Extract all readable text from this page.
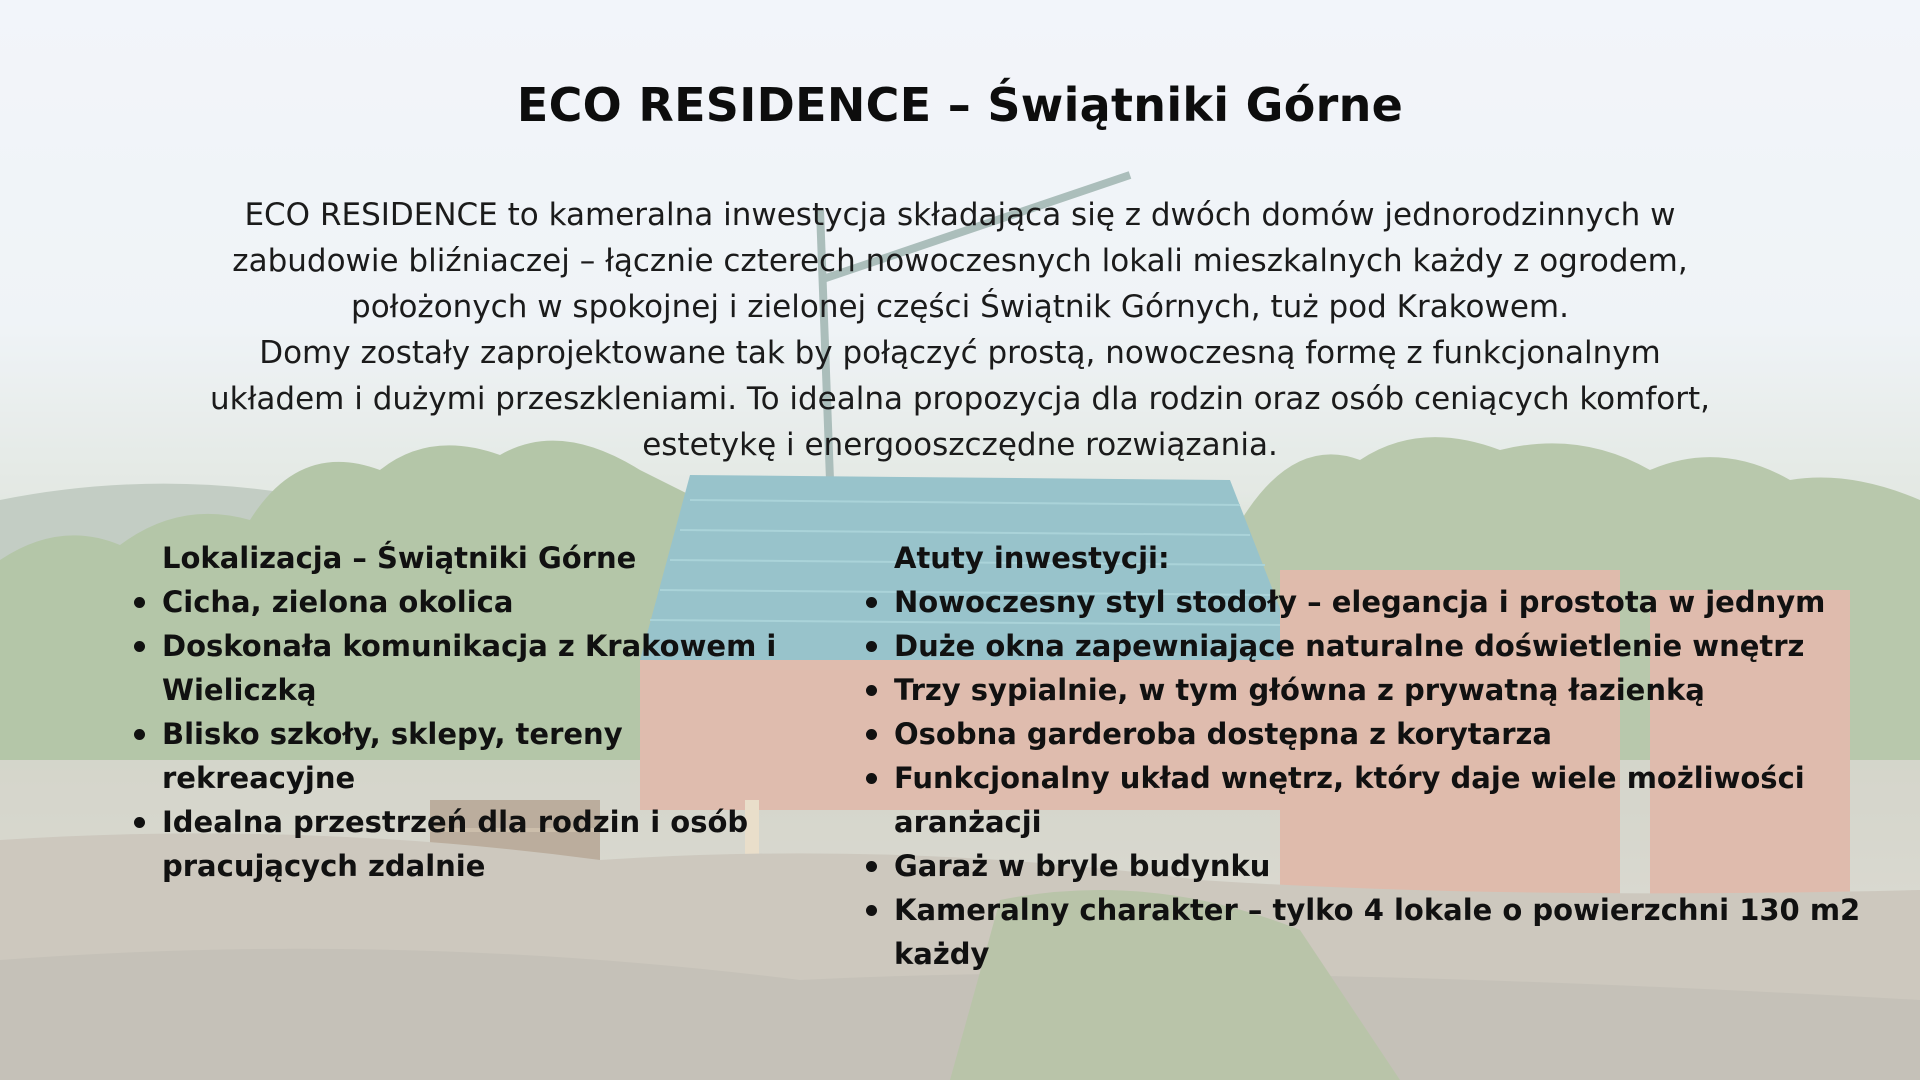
ECO RESIDENCE – Świątniki Górne

ECO RESIDENCE to kameralna inwestycja składająca się z dwóch domów jednorodzinnych w zabudowie bliźniaczej – łącznie czterech nowoczesnych lokali mieszkalnych każdy z ogrodem, położonych w spokojnej i zielonej części Świątnik Górnych, tuż pod Krakowem.

Domy zostały zaprojektowane tak by połączyć prostą, nowoczesną formę z funkcjonalnym układem i dużymi przeszkleniami. To idealna propozycja dla rodzin oraz osób ceniących komfort, estetykę i energooszczędne rozwiązania.

Lokalizacja – Świątniki Górne
Cicha, zielona okolica
Doskonała komunikacja z Krakowem i Wieliczką
Blisko szkoły, sklepy, tereny rekreacyjne
Idealna przestrzeń dla rodzin i osób pracujących zdalnie
Atuty inwestycji:
Nowoczesny styl stodoły – elegancja i prostota w jednym
Duże okna zapewniające naturalne doświetlenie wnętrz
Trzy sypialnie, w tym główna z prywatną łazienką
Osobna garderoba dostępna z korytarza
Funkcjonalny układ wnętrz, który daje wiele możliwości aranżacji
Garaż w bryle budynku
Kameralny charakter – tylko 4 lokale o powierzchni 130 m2 każdy
